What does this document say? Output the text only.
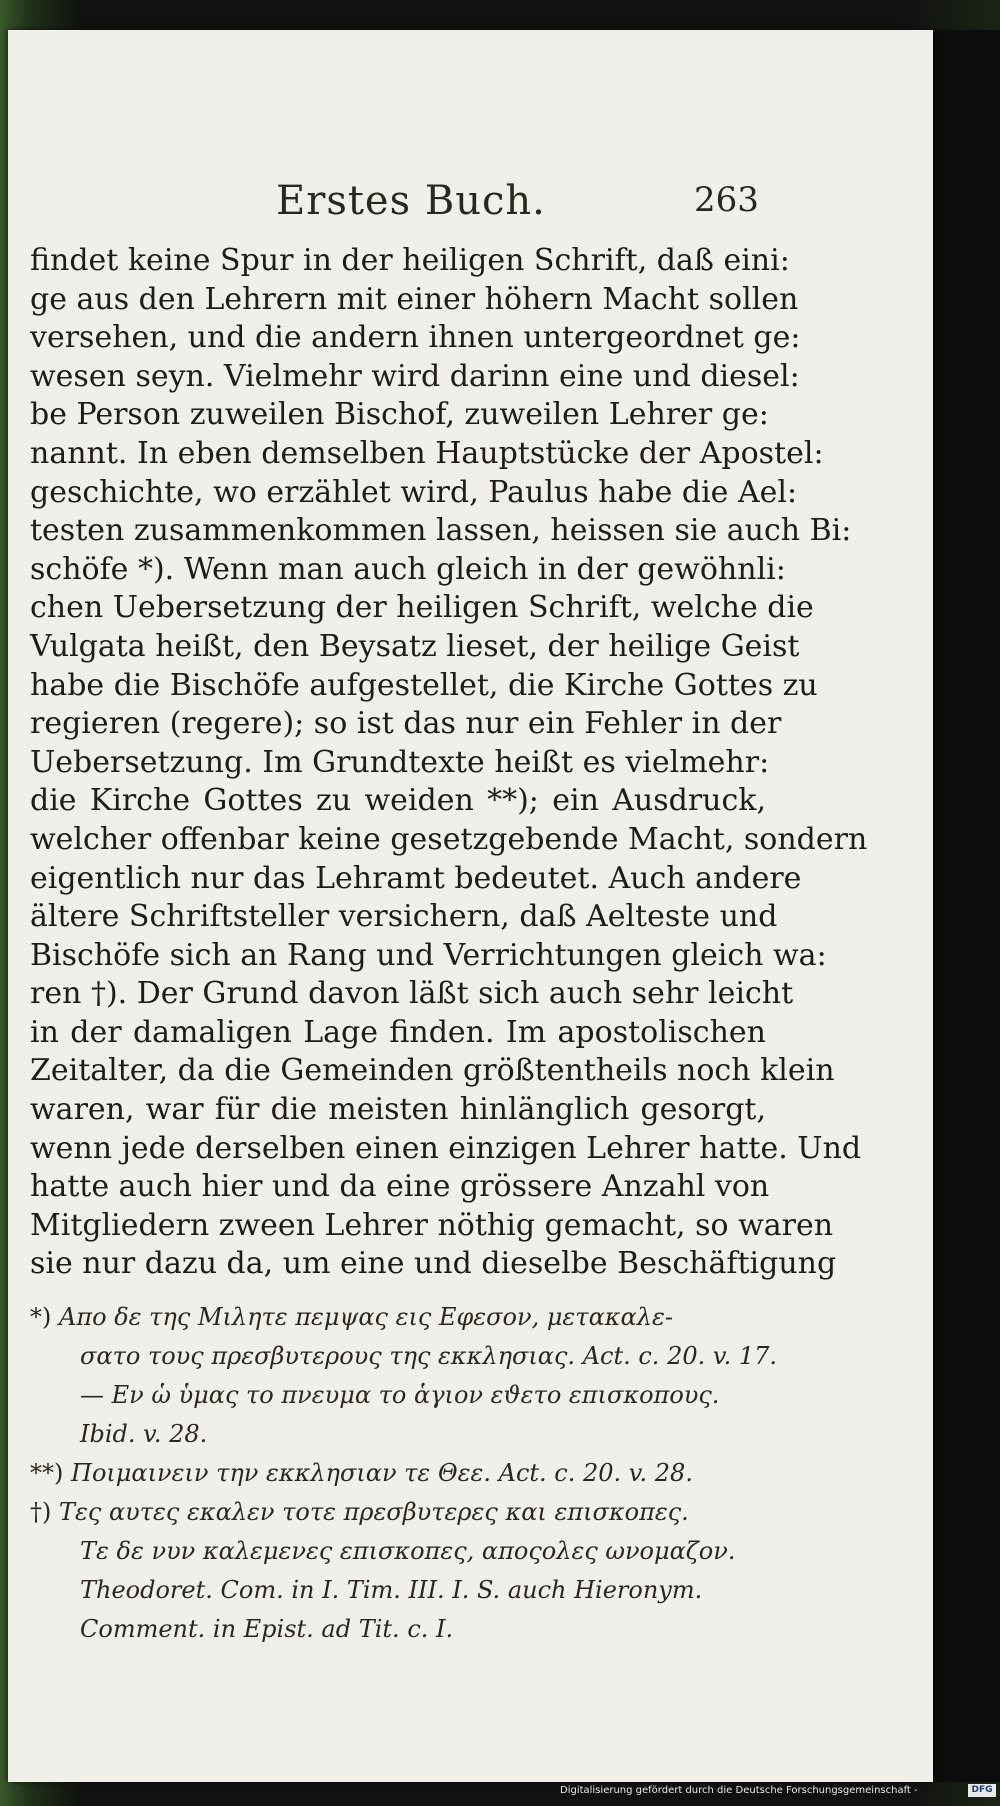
Erstes Buch.	263
findet keine Spur in der heiligen Schrift, daß eini:
ge aus den Lehrern mit einer höhern Macht sollen
versehen, und die andern ihnen untergeordnet ge:
wesen seyn. Vielmehr wird darinn eine und diesel:
be Person zuweilen Bischof, zuweilen Lehrer ge:
nannt. In eben demselben Hauptstücke der Apostel:
geschichte, wo erzählet wird, Paulus habe die Ael:
testen zusammenkommen lassen, heissen sie auch Bi:
schöfe *). Wenn man auch gleich in der gewöhnli:
chen Uebersetzung der heiligen Schrift, welche die
Vulgata heißt, den Beysatz lieset, der heilige Geist
habe die Bischöfe aufgestellet, die Kirche Gottes zu
regieren (regere); so ist das nur ein Fehler in der
Uebersetzung. Im Grundtexte heißt es vielmehr:
die Kirche Gottes zu weiden **); ein Ausdruck,
welcher offenbar keine gesetzgebende Macht, sondern
eigentlich nur das Lehramt bedeutet. Auch andere
ältere Schriftsteller versichern, daß Aelteste und
Bischöfe sich an Rang und Verrichtungen gleich wa:
ren †). Der Grund davon läßt sich auch sehr leicht
in der damaligen Lage finden. Im apostolischen
Zeitalter, da die Gemeinden größtentheils noch klein
waren, war für die meisten hinlänglich gesorgt,
wenn jede derselben einen einzigen Lehrer hatte. Und
hatte auch hier und da eine grössere Anzahl von
Mitgliedern zween Lehrer nöthig gemacht, so waren
sie nur dazu da, um eine und dieselbe Beschäftigung
*) Απο δε της Μιλητε πεμψας εις Εφεσον, μετακαλε-
σατο τους πρεσβυτερους της εκκλησιας. Act. c. 20. v. 17.
— Εν ὡ ὑμας το πνευμα το ἁγιον εϑετο επισκοπους.
Ibid. v. 28.
**) Ποιμαινειν την εκκλησιαν τε Θεε. Act. c. 20. v. 28.
†) Τες αυτες εκαλεν τοτε πρεσβυτερες και επισκοπες.
Τε δε νυν καλεμενες επισκοπες, αποςολες ωνομαζον.
Theodoret. Com. in I. Tim. III. I. S. auch Hieronym.
Comment. in Epist. ad Tit. c. I.
Digitalisierung gefördert durch die Deutsche Forschungsgemeinschaft -	DFG
